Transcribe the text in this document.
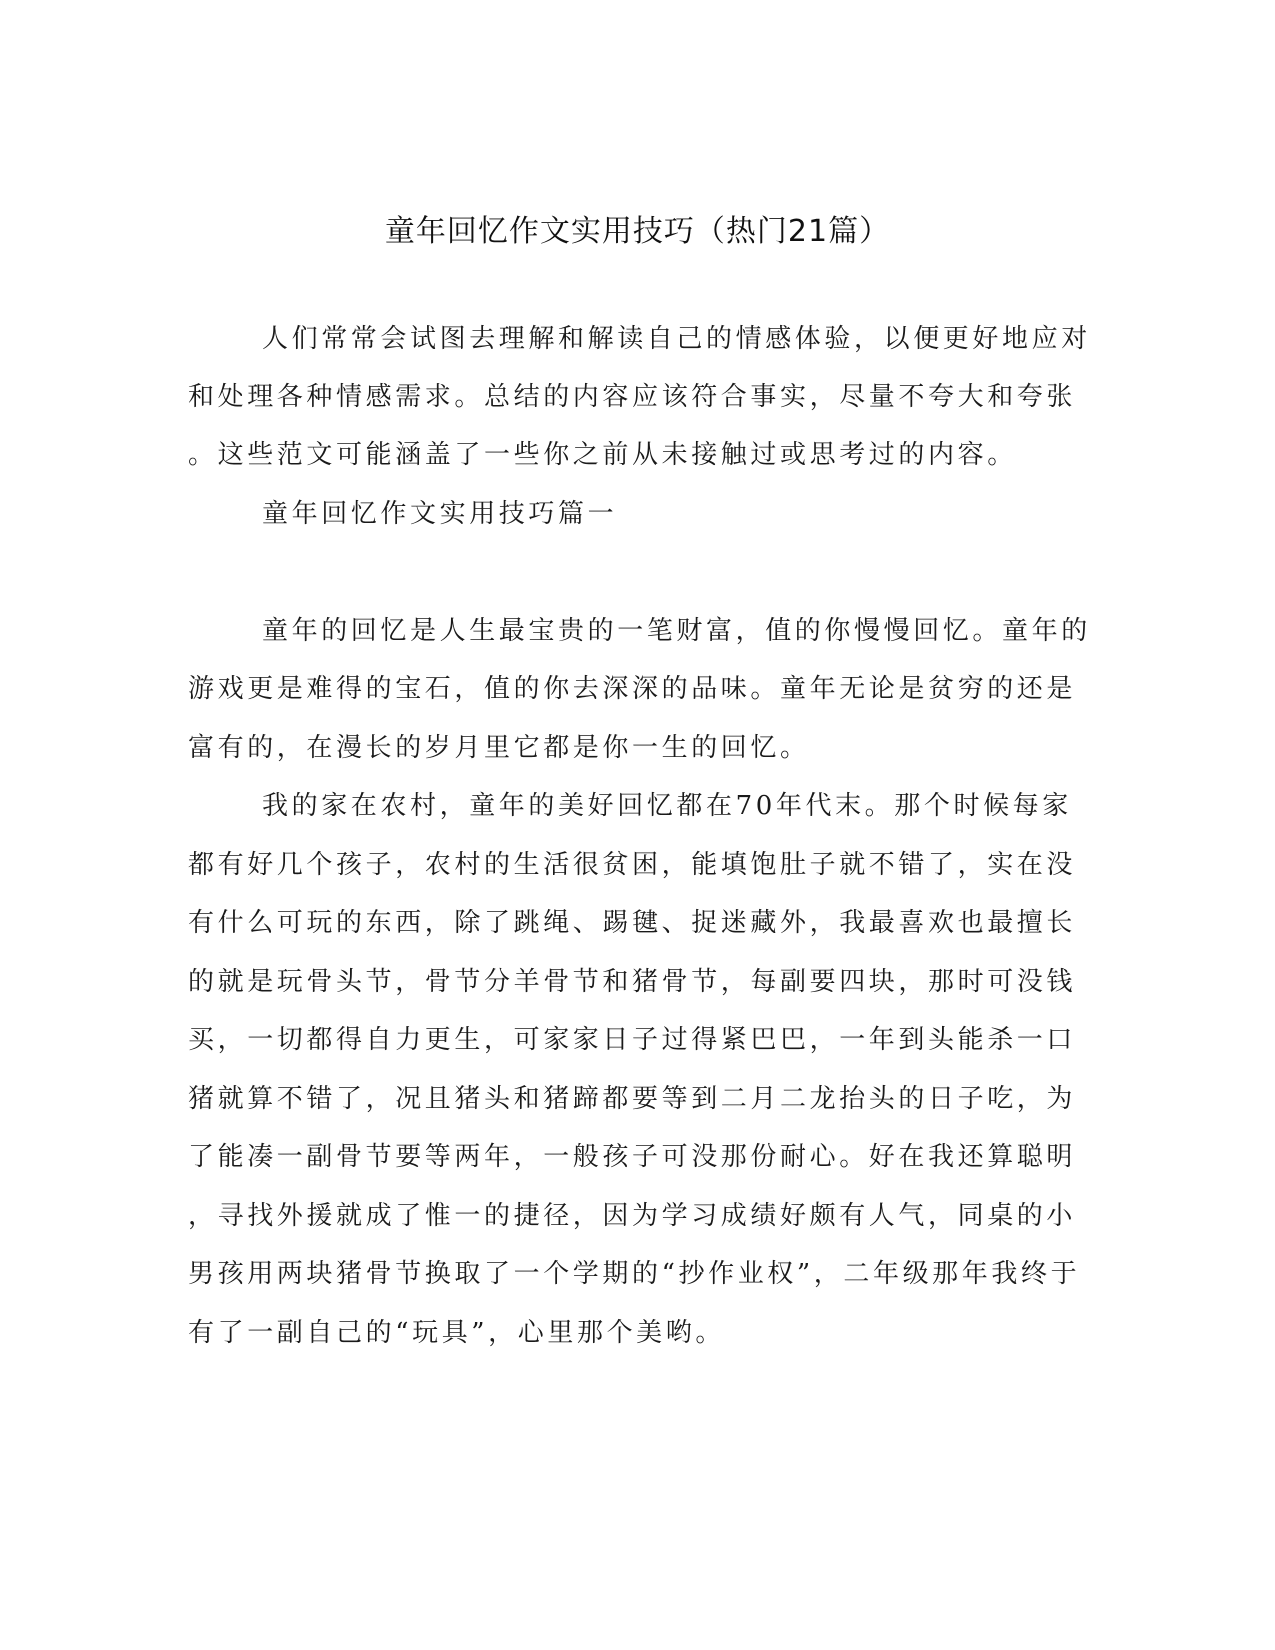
童年回忆作文实用技巧（热门21篇）
人们常常会试图去理解和解读自己的情感体验，以便更好地应对
和处理各种情感需求。总结的内容应该符合事实，尽量不夸大和夸张
。这些范文可能涵盖了一些你之前从未接触过或思考过的内容。
童年回忆作文实用技巧篇一
童年的回忆是人生最宝贵的一笔财富，值的你慢慢回忆。童年的
游戏更是难得的宝石，值的你去深深的品味。童年无论是贫穷的还是
富有的，在漫长的岁月里它都是你一生的回忆。
我的家在农村，童年的美好回忆都在70年代末。那个时候每家
都有好几个孩子，农村的生活很贫困，能填饱肚子就不错了，实在没
有什么可玩的东西，除了跳绳、踢毽、捉迷藏外，我最喜欢也最擅长
的就是玩骨头节，骨节分羊骨节和猪骨节，每副要四块，那时可没钱
买，一切都得自力更生，可家家日子过得紧巴巴，一年到头能杀一口
猪就算不错了，况且猪头和猪蹄都要等到二月二龙抬头的日子吃，为
了能凑一副骨节要等两年，一般孩子可没那份耐心。好在我还算聪明
，寻找外援就成了惟一的捷径，因为学习成绩好颇有人气，同桌的小
男孩用两块猪骨节换取了一个学期的“抄作业权”，二年级那年我终于
有了一副自己的“玩具”，心里那个美哟。
